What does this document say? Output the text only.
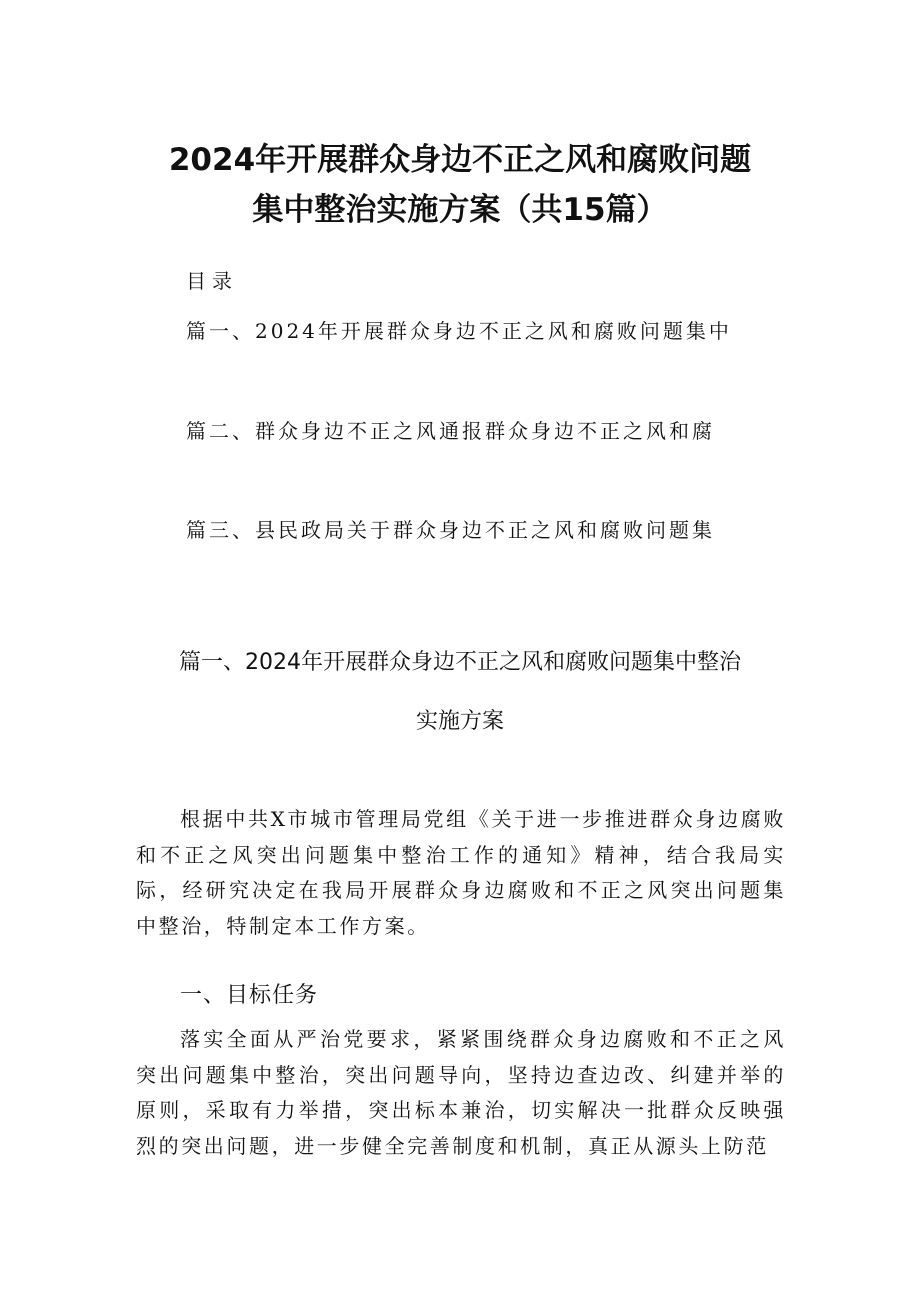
2024年开展群众身边不正之风和腐败问题
集中整治实施方案（共15篇）
目录
篇一、2024年开展群众身边不正之风和腐败问题集中
篇二、群众身边不正之风通报群众身边不正之风和腐
篇三、县民政局关于群众身边不正之风和腐败问题集
篇一、2024年开展群众身边不正之风和腐败问题集中整治
实施方案
根据中共X市城市管理局党组《关于进一步推进群众身边腐败和不正之风突出问题集中整治工作的通知》精神，结合我局实际，经研究决定在我局开展群众身边腐败和不正之风突出问题集中整治，特制定本工作方案。
一、目标任务
落实全面从严治党要求，紧紧围绕群众身边腐败和不正之风突出问题集中整治，突出问题导向，坚持边查边改、纠建并举的原则，采取有力举措，突出标本兼治，切实解决一批群众反映强烈的突出问题，进一步健全完善制度和机制，真正从源头上防范
